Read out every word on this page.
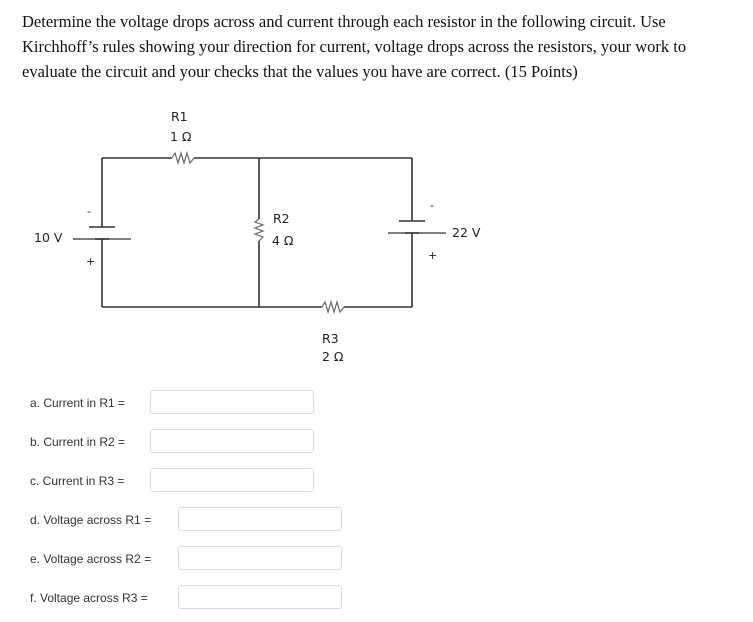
Determine the voltage drops across and current through each resistor in the following circuit. Use
Kirchhoff’s rules showing your direction for current, voltage drops across the resistors, your work to
evaluate the circuit and your checks that the values you have are correct. (15 Points)
R1
1 Ω
R2
4 Ω
R3
2 Ω
10 V
-
+
22 V
-
+
a. Current in R1 =
b. Current in R2 =
c. Current in R3 =
d. Voltage across R1 =
e. Voltage across R2 =
f. Voltage across R3 =
